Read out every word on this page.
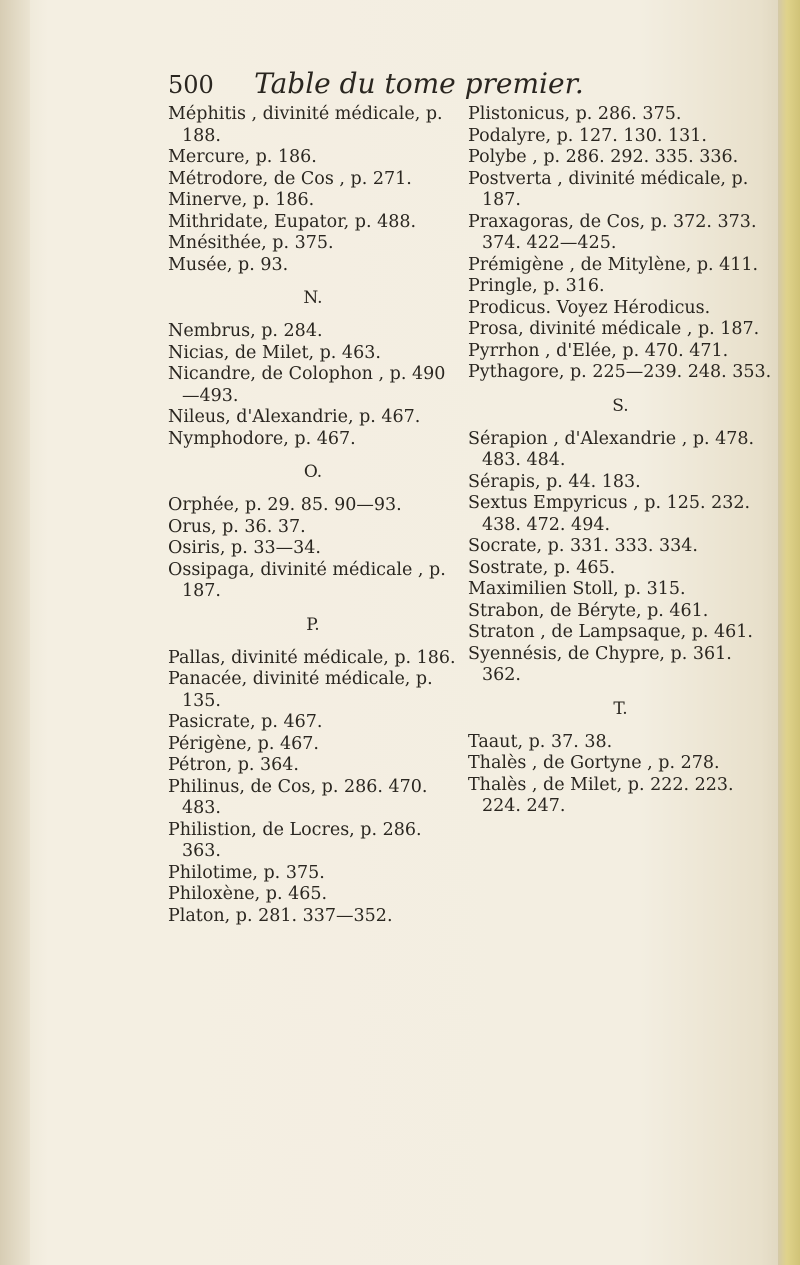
500 Table du tome premier.

Méphitis , divinité médicale, p. 188.

Mercure, p. 186.

Métrodore, de Cos , p. 271.

Minerve, p. 186.

Mithridate, Eupator, p. 488.

Mnésithée, p. 375.

Musée, p. 93.

N.

Nembrus, p. 284.

Nicias, de Milet, p. 463.

Nicandre, de Colophon , p. 490—493.

Nileus, d'Alexandrie, p. 467.

Nymphodore, p. 467.

O.

Orphée, p. 29. 85. 90—93.

Orus, p. 36. 37.

Osiris, p. 33—34.

Ossipaga, divinité médicale , p. 187.

P.

Pallas, divinité médicale, p. 186.

Panacée, divinité médicale, p. 135.

Pasicrate, p. 467.

Périgène, p. 467.

Pétron, p. 364.

Philinus, de Cos, p. 286. 470. 483.

Philistion, de Locres, p. 286. 363.

Philotime, p. 375.

Philoxène, p. 465.

Platon, p. 281. 337—352.

Plistonicus, p. 286. 375.

Podalyre, p. 127. 130. 131.

Polybe , p. 286. 292. 335. 336.

Postverta , divinité médicale, p. 187.

Praxagoras, de Cos, p. 372. 373. 374. 422—425.

Prémigène , de Mitylène, p. 411.

Pringle, p. 316.

Prodicus. Voyez Hérodicus.

Prosa, divinité médicale , p. 187.

Pyrrhon , d'Elée, p. 470. 471.

Pythagore, p. 225—239. 248. 353.

S.

Sérapion , d'Alexandrie , p. 478. 483. 484.

Sérapis, p. 44. 183.

Sextus Empyricus , p. 125. 232. 438. 472. 494.

Socrate, p. 331. 333. 334.

Sostrate, p. 465.

Maximilien Stoll, p. 315.

Strabon, de Béryte, p. 461.

Straton , de Lampsaque, p. 461.

Syennésis, de Chypre, p. 361. 362.

T.

Taaut, p. 37. 38.

Thalès , de Gortyne , p. 278.

Thalès , de Milet, p. 222. 223. 224. 247.
